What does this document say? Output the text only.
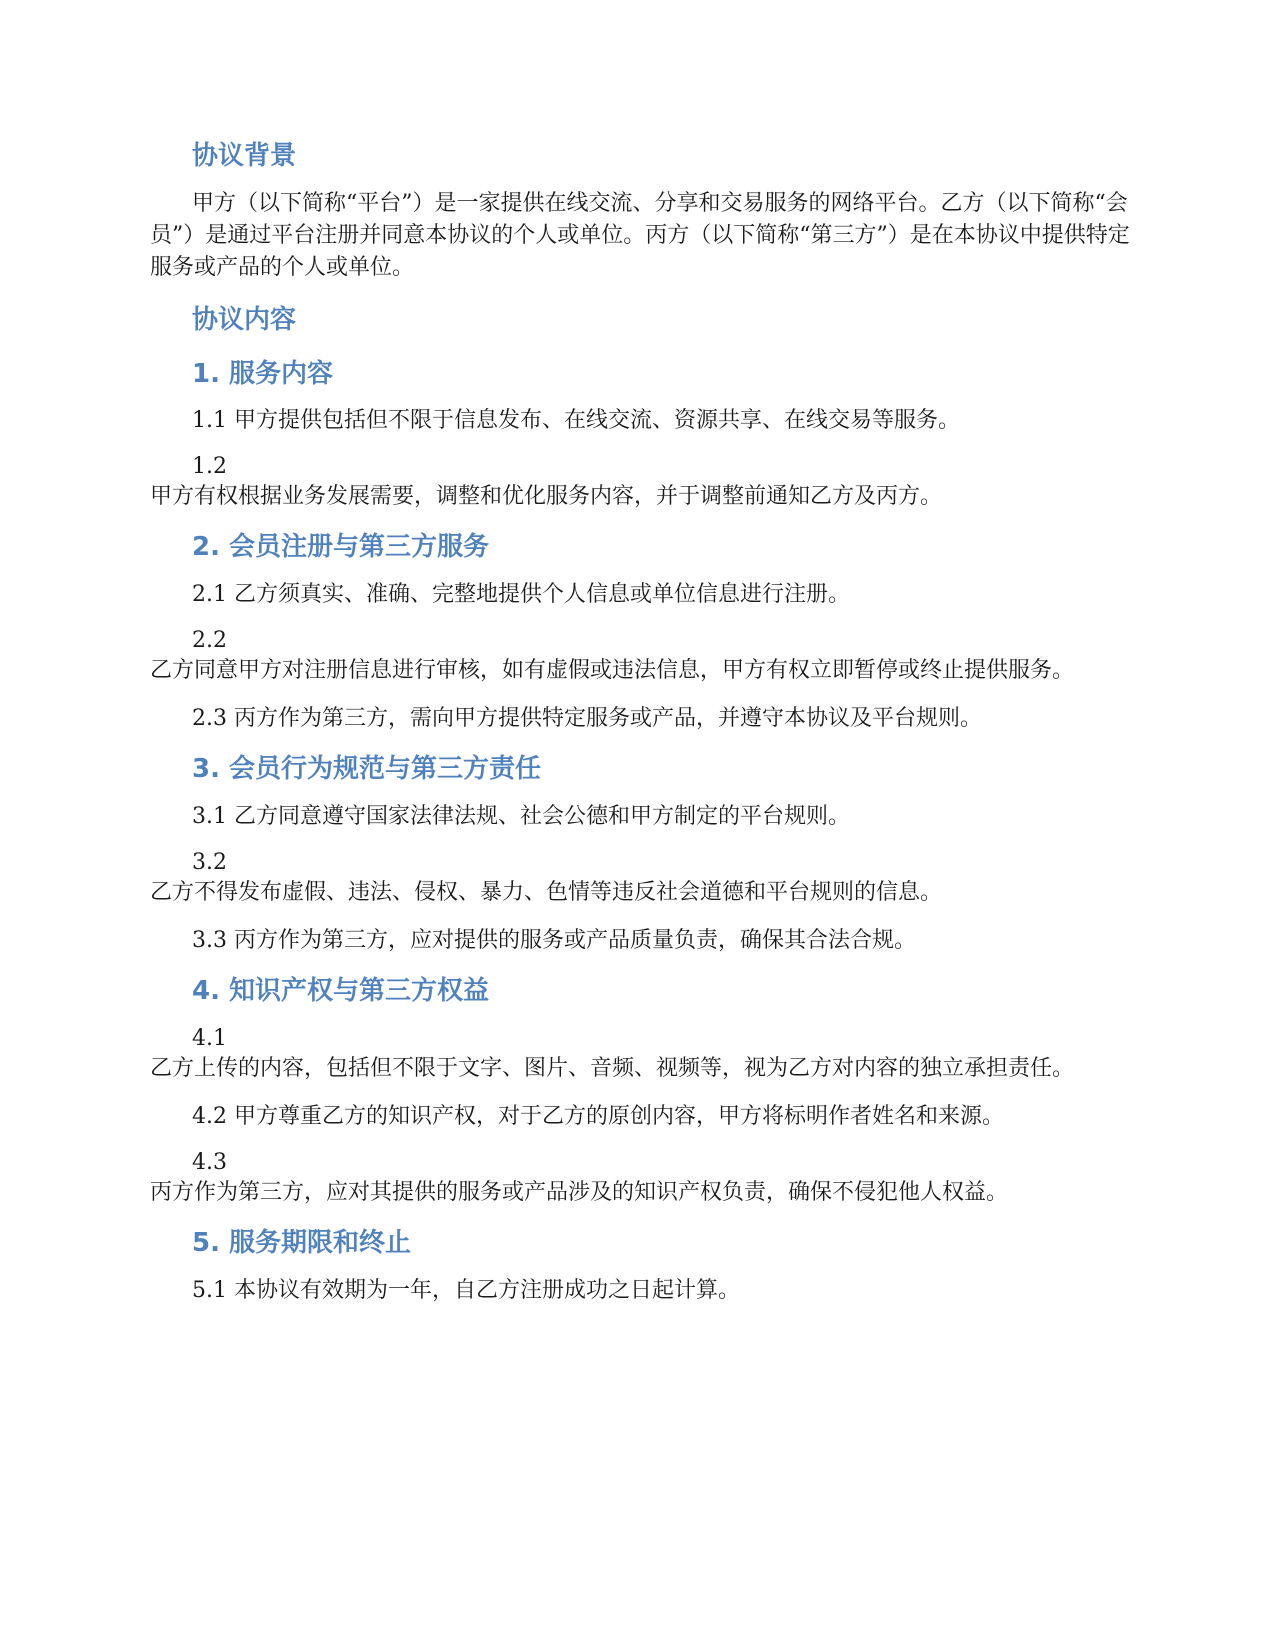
协议背景

甲方（以下简称“平台”）是一家提供在线交流、分享和交易服务的网络平台。乙方（以下简称“会员”）是通过平台注册并同意本协议的个人或单位。丙方（以下简称“第三方”）是在本协议中提供特定服务或产品的个人或单位。

协议内容
1. 服务内容

1.1 甲方提供包括但不限于信息发布、在线交流、资源共享、在线交易等服务。

1.2

甲方有权根据业务发展需要，调整和优化服务内容，并于调整前通知乙方及丙方。

2. 会员注册与第三方服务

2.1 乙方须真实、准确、完整地提供个人信息或单位信息进行注册。

2.2

乙方同意甲方对注册信息进行审核，如有虚假或违法信息，甲方有权立即暂停或终止提供服务。

2.3 丙方作为第三方，需向甲方提供特定服务或产品，并遵守本协议及平台规则。

3. 会员行为规范与第三方责任

3.1 乙方同意遵守国家法律法规、社会公德和甲方制定的平台规则。

3.2

乙方不得发布虚假、违法、侵权、暴力、色情等违反社会道德和平台规则的信息。

3.3 丙方作为第三方，应对提供的服务或产品质量负责，确保其合法合规。

4. 知识产权与第三方权益

4.1

乙方上传的内容，包括但不限于文字、图片、音频、视频等，视为乙方对内容的独立承担责任。

4.2 甲方尊重乙方的知识产权，对于乙方的原创内容，甲方将标明作者姓名和来源。

4.3

丙方作为第三方，应对其提供的服务或产品涉及的知识产权负责，确保不侵犯他人权益。

5. 服务期限和终止

5.1 本协议有效期为一年，自乙方注册成功之日起计算。
